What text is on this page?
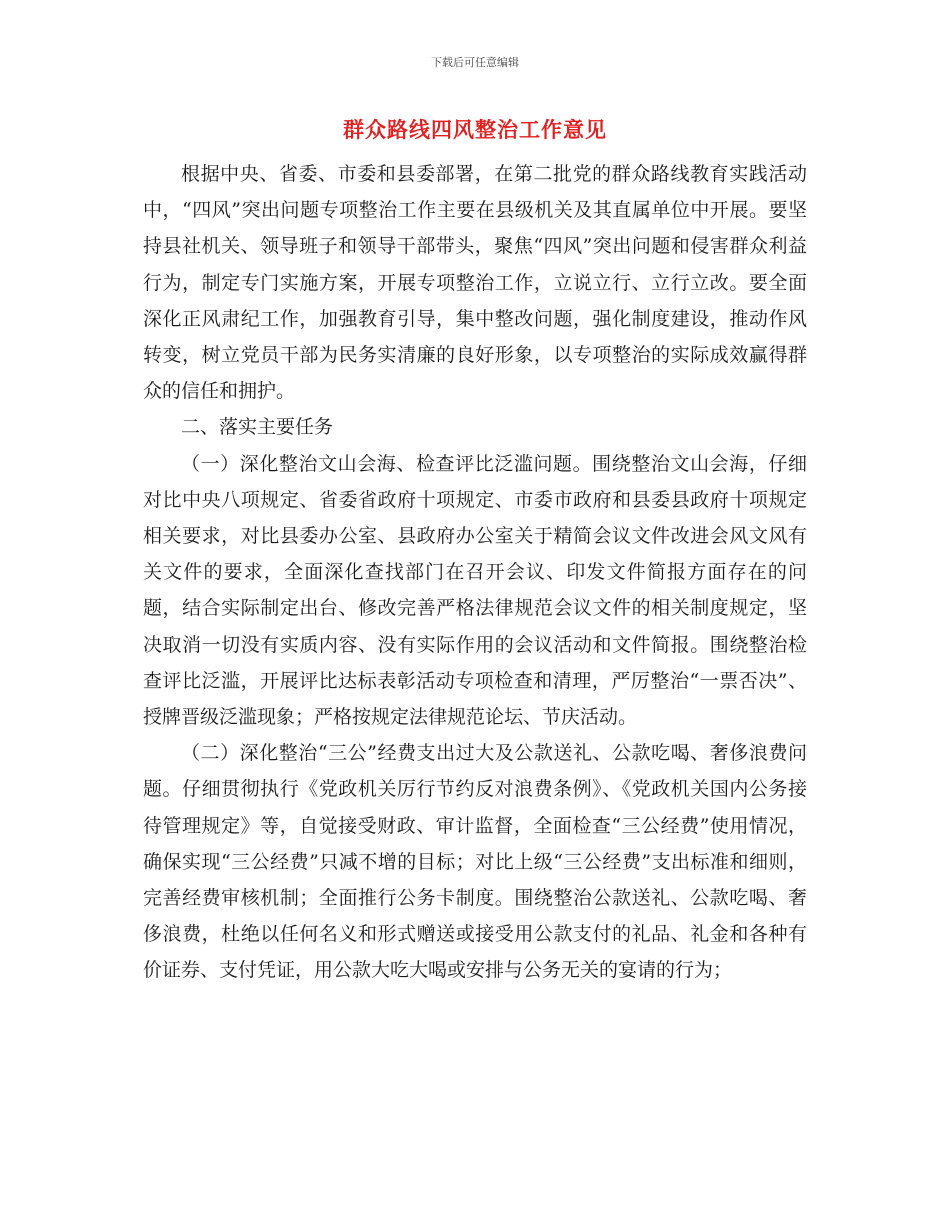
下载后可任意编辑
群众路线四风整治工作意见

根据中央、省委、市委和县委部署，在第二批党的群众路线教育实践活动中，“四风”突出问题专项整治工作主要在县级机关及其直属单位中开展。要坚持县社机关、领导班子和领导干部带头，聚焦“四风”突出问题和侵害群众利益行为，制定专门实施方案，开展专项整治工作，立说立行、立行立改。要全面深化正风肃纪工作，加强教育引导，集中整改问题，强化制度建设，推动作风转变，树立党员干部为民务实清廉的良好形象，以专项整治的实际成效赢得群众的信任和拥护。

二、落实主要任务

（一）深化整治文山会海、检查评比泛滥问题。围绕整治文山会海，仔细对比中央八项规定、省委省政府十项规定、市委市政府和县委县政府十项规定相关要求，对比县委办公室、县政府办公室关于精简会议文件改进会风文风有关文件的要求，全面深化查找部门在召开会议、印发文件简报方面存在的问题，结合实际制定出台、修改完善严格法律规范会议文件的相关制度规定，坚决取消一切没有实质内容、没有实际作用的会议活动和文件简报。围绕整治检查评比泛滥，开展评比达标表彰活动专项检查和清理，严厉整治“一票否决”、授牌晋级泛滥现象；严格按规定法律规范论坛、节庆活动。

（二）深化整治“三公”经费支出过大及公款送礼、公款吃喝、奢侈浪费问题。仔细贯彻执行《党政机关厉行节约反对浪费条例》、《党政机关国内公务接待管理规定》等，自觉接受财政、审计监督，全面检查“三公经费”使用情况，确保实现“三公经费”只减不增的目标；对比上级“三公经费”支出标准和细则，完善经费审核机制；全面推行公务卡制度。围绕整治公款送礼、公款吃喝、奢侈浪费，杜绝以任何名义和形式赠送或接受用公款支付的礼品、礼金和各种有价证券、支付凭证，用公款大吃大喝或安排与公务无关的宴请的行为；
